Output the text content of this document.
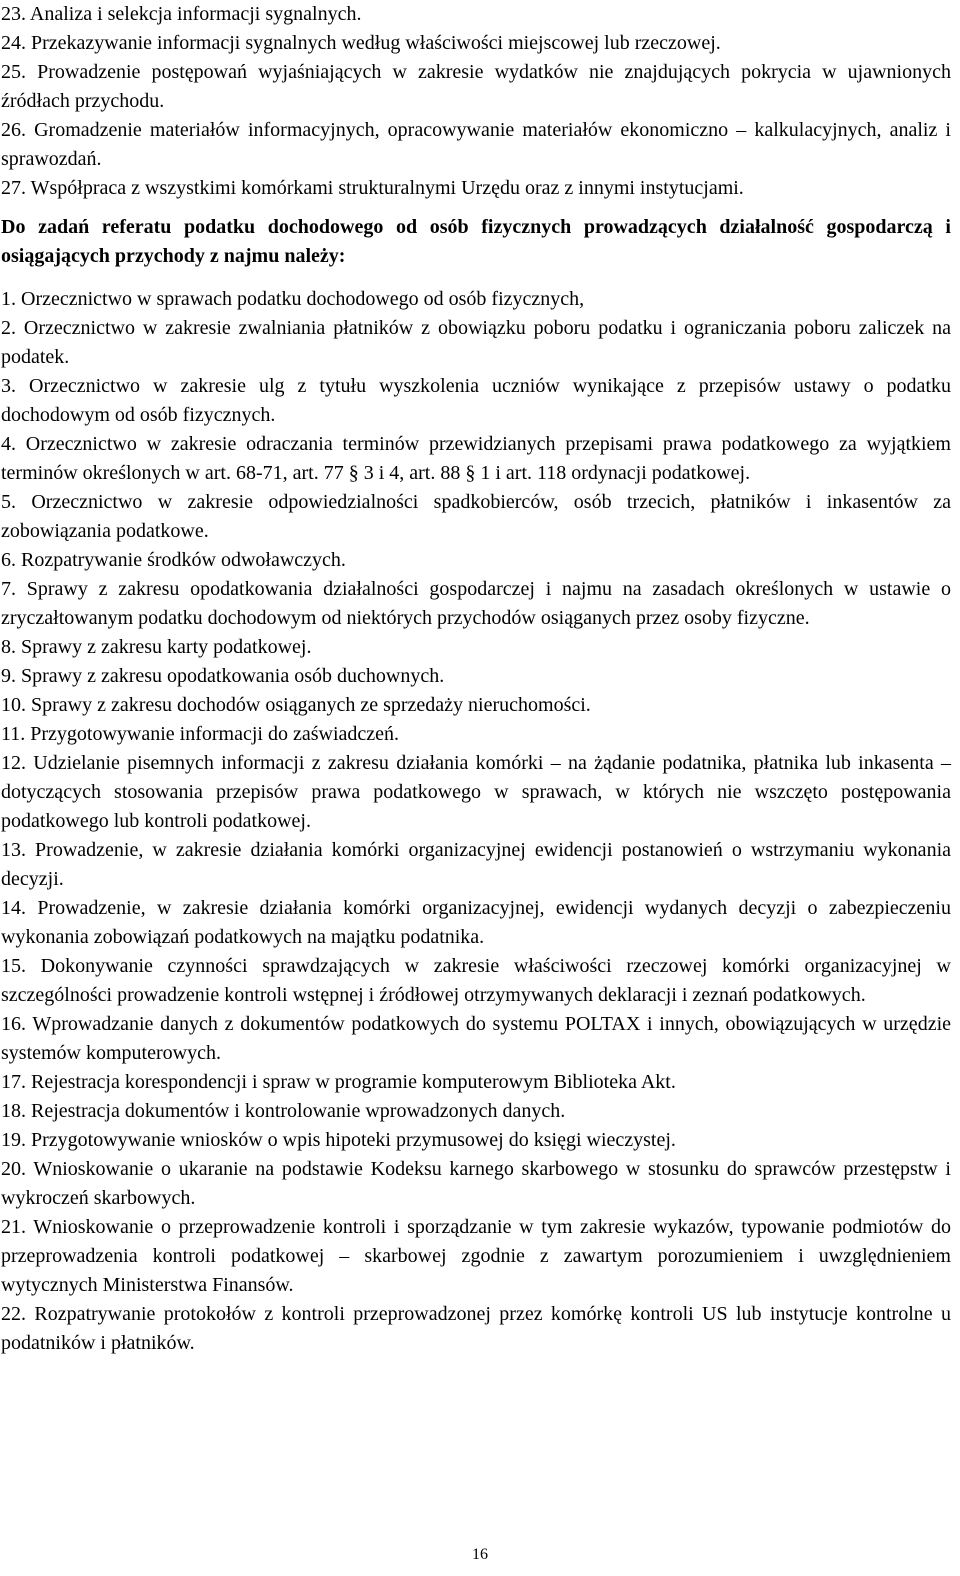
23. Analiza i selekcja informacji sygnalnych.

24. Przekazywanie informacji sygnalnych według właściwości miejscowej lub rzeczowej.

25. Prowadzenie postępowań wyjaśniających w zakresie wydatków nie znajdujących pokrycia w ujawnionych źródłach przychodu.

26. Gromadzenie materiałów informacyjnych, opracowywanie materiałów ekonomiczno – kalkulacyjnych, analiz i sprawozdań.

27. Współpraca z wszystkimi komórkami strukturalnymi Urzędu oraz z innymi instytucjami.

Do zadań referatu podatku dochodowego od osób fizycznych prowadzących działalność gospodarczą i osiągających przychody z najmu należy:

1. Orzecznictwo w sprawach podatku dochodowego od osób fizycznych,

2. Orzecznictwo w zakresie zwalniania płatników z obowiązku poboru podatku i ograniczania poboru zaliczek na podatek.

3. Orzecznictwo w zakresie ulg z tytułu wyszkolenia uczniów wynikające z przepisów ustawy o podatku dochodowym od osób fizycznych.

4. Orzecznictwo w zakresie odraczania terminów przewidzianych przepisami prawa podatkowego za wyjątkiem terminów określonych w art. 68-71, art. 77 § 3 i 4, art. 88 § 1 i art. 118 ordynacji podatkowej.

5. Orzecznictwo w zakresie odpowiedzialności spadkobierców, osób trzecich, płatników i inkasentów za zobowiązania podatkowe.

6. Rozpatrywanie środków odwoławczych.

7. Sprawy z zakresu opodatkowania działalności gospodarczej i najmu na zasadach określonych w ustawie o zryczałtowanym podatku dochodowym od niektórych przychodów osiąganych przez osoby fizyczne.

8. Sprawy z zakresu karty podatkowej.

9. Sprawy z zakresu opodatkowania osób duchownych.

10. Sprawy z zakresu dochodów osiąganych ze sprzedaży nieruchomości.

11. Przygotowywanie informacji do zaświadczeń.

12. Udzielanie pisemnych informacji z zakresu działania komórki – na żądanie podatnika, płatnika lub inkasenta – dotyczących stosowania przepisów prawa podatkowego w sprawach, w których nie wszczęto postępowania podatkowego lub kontroli podatkowej.

13. Prowadzenie, w zakresie działania komórki organizacyjnej ewidencji postanowień o wstrzymaniu wykonania decyzji.

14. Prowadzenie, w zakresie działania komórki organizacyjnej, ewidencji wydanych decyzji o zabezpieczeniu wykonania zobowiązań podatkowych na majątku podatnika.

15. Dokonywanie czynności sprawdzających w zakresie właściwości rzeczowej komórki organizacyjnej w szczególności prowadzenie kontroli wstępnej i źródłowej otrzymywanych deklaracji i zeznań podatkowych.

16. Wprowadzanie danych z dokumentów podatkowych do systemu POLTAX i innych, obowiązujących w urzędzie systemów komputerowych.

17. Rejestracja korespondencji i spraw w programie komputerowym Biblioteka Akt.

18. Rejestracja dokumentów i kontrolowanie wprowadzonych danych.

19. Przygotowywanie wniosków o wpis hipoteki przymusowej do księgi wieczystej.

20. Wnioskowanie o ukaranie na podstawie Kodeksu karnego skarbowego w stosunku do sprawców przestępstw i wykroczeń skarbowych.

21. Wnioskowanie o przeprowadzenie kontroli i sporządzanie w tym zakresie wykazów, typowanie podmiotów do przeprowadzenia kontroli podatkowej – skarbowej zgodnie z zawartym porozumieniem i uwzględnieniem wytycznych Ministerstwa Finansów.

22. Rozpatrywanie protokołów z kontroli przeprowadzonej przez komórkę kontroli US lub instytucje kontrolne u podatników i płatników.

16
